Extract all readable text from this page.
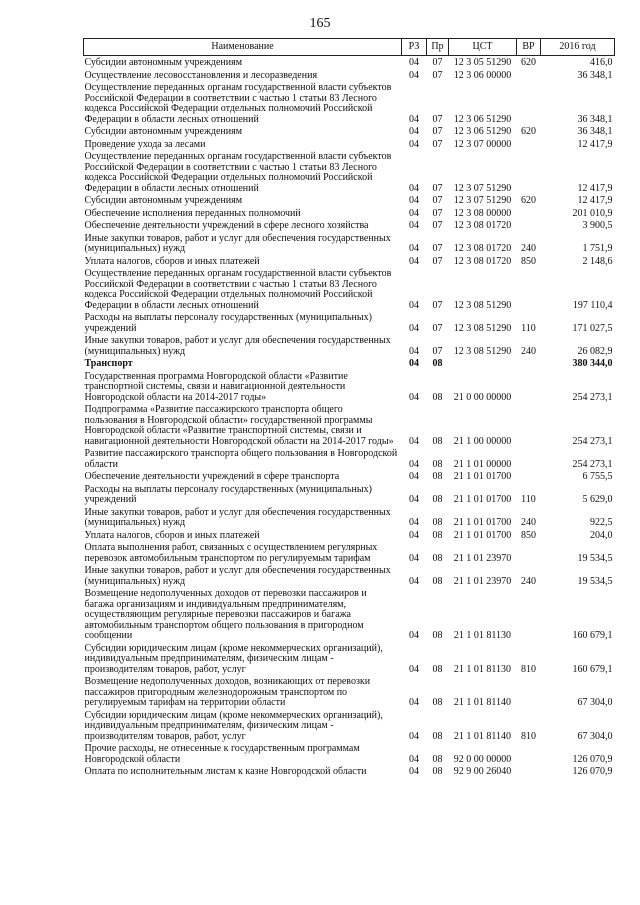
165
Наименование	РЗ	Пр	ЦСТ	ВР	2016 год
Субсидии автономным учреждениям	04	07	12 3 05 51290	620	416,0
Осуществление лесовосстановления и лесоразведения	04	07	12 3 06 00000		36 348,1
Осуществление переданных органам государственной власти субъектов Российской Федерации в соответствии с частью 1 статьи 83 Лесного кодекса Российской Федерации отдельных полномочий Российской Федерации в области лесных отношений	04	07	12 3 06 51290		36 348,1
Субсидии автономным учреждениям	04	07	12 3 06 51290	620	36 348,1
Проведение ухода за лесами	04	07	12 3 07 00000		12 417,9
Осуществление переданных органам государственной власти субъектов Российской Федерации в соответствии с частью 1 статьи 83 Лесного кодекса Российской Федерации отдельных полномочий Российской Федерации в области лесных отношений	04	07	12 3 07 51290		12 417,9
Субсидии автономным учреждениям	04	07	12 3 07 51290	620	12 417,9
Обеспечение исполнения переданных полномочий	04	07	12 3 08 00000		201 010,9
Обеспечение деятельности учреждений в сфере лесного хозяйства	04	07	12 3 08 01720		3 900,5
Иные закупки товаров, работ и услуг для обеспечения государственных (муниципальных) нужд	04	07	12 3 08 01720	240	1 751,9
Уплата налогов, сборов и иных платежей	04	07	12 3 08 01720	850	2 148,6
Осуществление переданных органам государственной власти субъектов Российской Федерации в соответствии с частью 1 статьи 83 Лесного кодекса Российской Федерации отдельных полномочий Российской Федерации в области лесных отношений	04	07	12 3 08 51290		197 110,4
Расходы на выплаты персоналу государственных (муниципальных) учреждений	04	07	12 3 08 51290	110	171 027,5
Иные закупки товаров, работ и услуг для обеспечения государственных (муниципальных) нужд	04	07	12 3 08 51290	240	26 082,9
Транспорт	04	08			380 344,0
Государственная программа Новгородской области «Развитие транспортной системы, связи и навигационной деятельности Новгородской области на 2014-2017 годы»	04	08	21 0 00 00000		254 273,1
Подпрограмма «Развитие пассажирского транспорта общего пользования в Новгородской области» государственной программы Новгородской области «Развитие транспортной системы, связи и навигационной деятельности Новгородской области на 2014-2017 годы»	04	08	21 1 00 00000		254 273,1
Развитие пассажирского транспорта общего пользования в Новгородской области	04	08	21 1 01 00000		254 273,1
Обеспечение деятельности учреждений в сфере транспорта	04	08	21 1 01 01700		6 755,5
Расходы на выплаты персоналу государственных (муниципальных) учреждений	04	08	21 1 01 01700	110	5 629,0
Иные закупки товаров, работ и услуг для обеспечения государственных (муниципальных) нужд	04	08	21 1 01 01700	240	922,5
Уплата налогов, сборов и иных платежей	04	08	21 1 01 01700	850	204,0
Оплата выполнения работ, связанных с осуществлением регулярных перевозок автомобильным транспортом по регулируемым тарифам	04	08	21 1 01 23970		19 534,5
Иные закупки товаров, работ и услуг для обеспечения государственных (муниципальных) нужд	04	08	21 1 01 23970	240	19 534,5
Возмещение недополученных доходов от перевозки пассажиров и багажа организациям и индивидуальным предпринимателям, осуществляющим регулярные перевозки пассажиров и багажа автомобильным транспортом общего пользования в пригородном сообщении	04	08	21 1 01 81130		160 679,1
Субсидии юридическим лицам (кроме некоммерческих организаций), индивидуальным предпринимателям, физическим лицам - производителям товаров, работ, услуг	04	08	21 1 01 81130	810	160 679,1
Возмещение недополученных доходов, возникающих от перевозки пассажиров пригородным железнодорожным транспортом по регулируемым тарифам на территории области	04	08	21 1 01 81140		67 304,0
Субсидии юридическим лицам (кроме некоммерческих организаций), индивидуальным предпринимателям, физическим лицам - производителям товаров, работ, услуг	04	08	21 1 01 81140	810	67 304,0
Прочие расходы, не отнесенные к государственным программам Новгородской области	04	08	92 0 00 00000		126 070,9
Оплата по исполнительным листам к казне Новгородской области	04	08	92 9 00 26040		126 070,9
